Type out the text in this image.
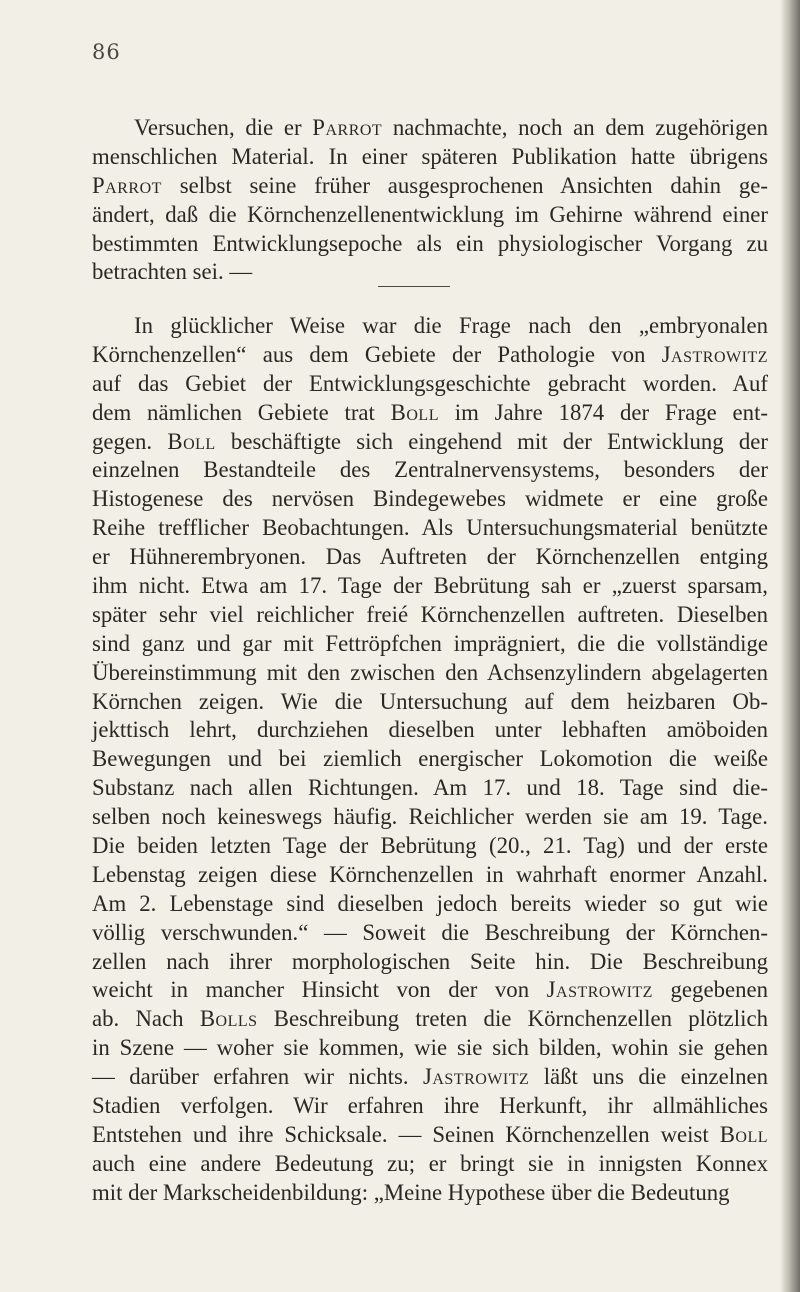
86
Versuchen, die er Parrot nachmachte, noch an dem zugehörigen
menschlichen Material. In einer späteren Publikation hatte übrigens
Parrot selbst seine früher ausgesprochenen Ansichten dahin ge-
ändert, daß die Körnchenzellenentwicklung im Gehirne während einer
bestimmten Entwicklungsepoche als ein physiologischer Vorgang zu
betrachten sei. —
In glücklicher Weise war die Frage nach den „embryonalen
Körnchenzellen“ aus dem Gebiete der Pathologie von Jastrowitz
auf das Gebiet der Entwicklungsgeschichte gebracht worden. Auf
dem nämlichen Gebiete trat Boll im Jahre 1874 der Frage ent-
gegen. Boll beschäftigte sich eingehend mit der Entwicklung der
einzelnen Bestandteile des Zentralnervensystems, besonders der
Histogenese des nervösen Bindegewebes widmete er eine große
Reihe trefflicher Beobachtungen. Als Untersuchungsmaterial benützte
er Hühnerembryonen. Das Auftreten der Körnchenzellen entging
ihm nicht. Etwa am 17. Tage der Bebrütung sah er „zuerst sparsam,
später sehr viel reichlicher freié Körnchenzellen auftreten. Dieselben
sind ganz und gar mit Fettröpfchen imprägniert, die die vollständige
Übereinstimmung mit den zwischen den Achsenzylindern abgelagerten
Körnchen zeigen. Wie die Untersuchung auf dem heizbaren Ob-
jekttisch lehrt, durchziehen dieselben unter lebhaften amöboiden
Bewegungen und bei ziemlich energischer Lokomotion die weiße
Substanz nach allen Richtungen. Am 17. und 18. Tage sind die-
selben noch keineswegs häufig. Reichlicher werden sie am 19. Tage.
Die beiden letzten Tage der Bebrütung (20., 21. Tag) und der erste
Lebenstag zeigen diese Körnchenzellen in wahrhaft enormer Anzahl.
Am 2. Lebenstage sind dieselben jedoch bereits wieder so gut wie
völlig verschwunden.“ — Soweit die Beschreibung der Körnchen-
zellen nach ihrer morphologischen Seite hin. Die Beschreibung
weicht in mancher Hinsicht von der von Jastrowitz gegebenen
ab. Nach Bolls Beschreibung treten die Körnchenzellen plötzlich
in Szene — woher sie kommen, wie sie sich bilden, wohin sie gehen
— darüber erfahren wir nichts. Jastrowitz läßt uns die einzelnen
Stadien verfolgen. Wir erfahren ihre Herkunft, ihr allmähliches
Entstehen und ihre Schicksale. — Seinen Körnchenzellen weist Boll
auch eine andere Bedeutung zu; er bringt sie in innigsten Konnex
mit der Markscheidenbildung: „Meine Hypothese über die Bedeutung
